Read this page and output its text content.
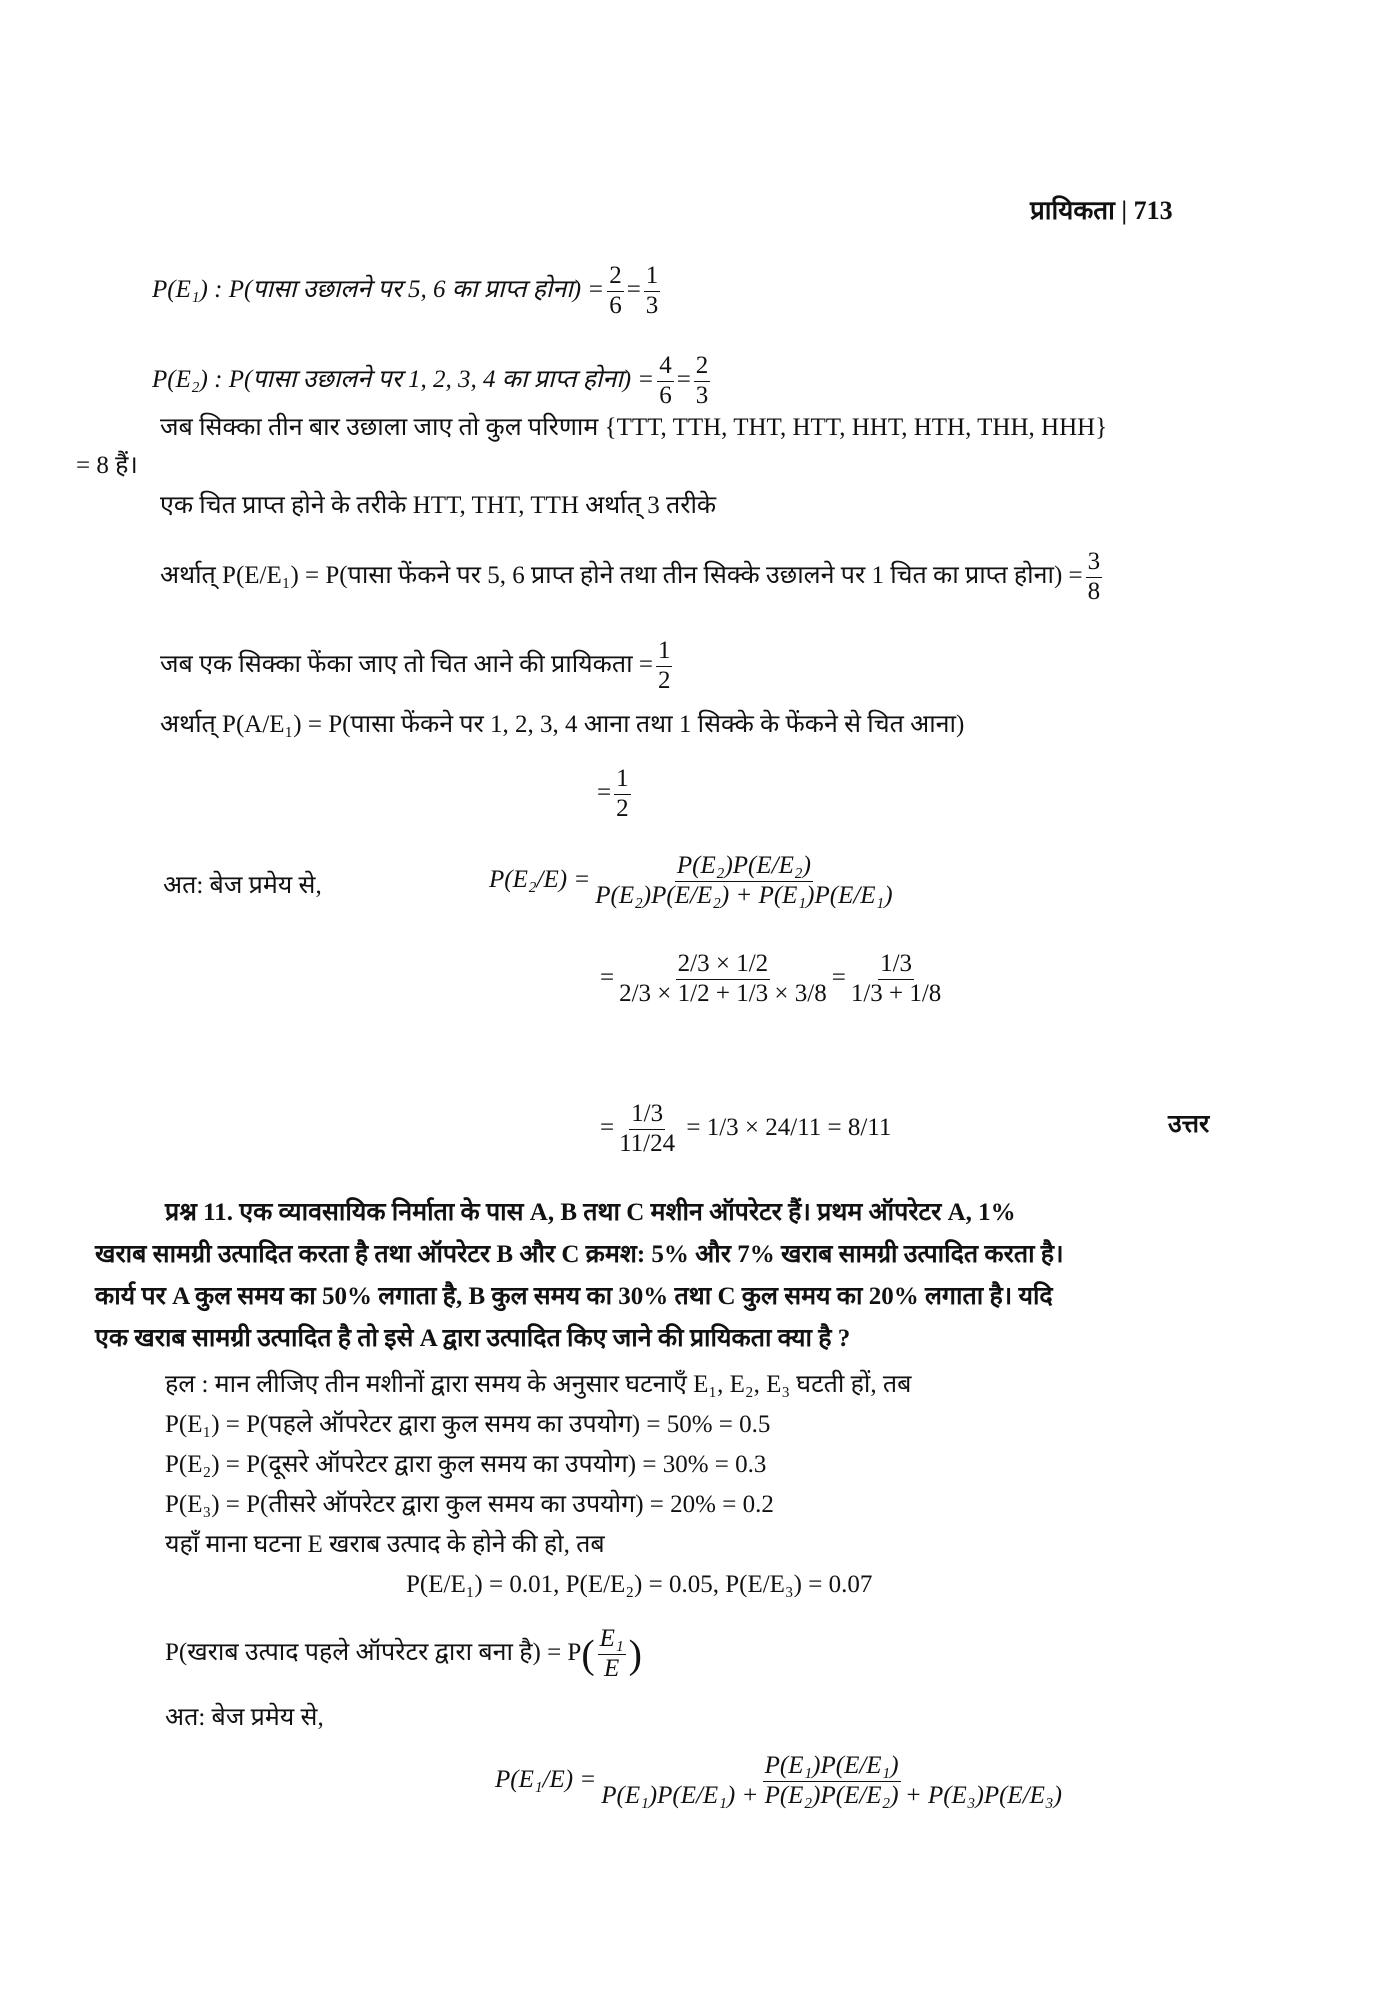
प्रायिकता | 713
P(E₁) : P(पासा उछालने पर 5, 6 का प्राप्त होना) = $\frac{2}{6} = \frac{1}{3}$
P(E₂) : P(पासा उछालने पर 1, 2, 3, 4 का प्राप्त होना) = $\frac{4}{6} = \frac{2}{3}$
जब सिक्का तीन बार उछाला जाए तो कुल परिणाम {TTT, TTH, THT, HTT, HHT, HTH, THH, HHH}
= 8 हैं।
एक चित प्राप्त होने के तरीके HTT, THT, TTH अर्थात् 3 तरीके
अर्थात् P(E/E₁) = P(पासा फेंकने पर 5, 6 प्राप्त होने तथा तीन सिक्के उछालने पर 1 चित का प्राप्त होना) = $\frac{3}{8}$
जब एक सिक्का फेंका जाए तो चित आने की प्रायिकता = $\frac{1}{2}$
अर्थात् P(A/E₁) = P(पासा फेंकने पर 1, 2, 3, 4 आना तथा 1 सिक्के के फेंकने से चित आना)
= $\frac{1}{2}$
अत: बेज प्रमेय से,	$P(E_2/E) = \frac{\text{P(E₂)P(E/E₂)}}{\text{P(E₂)P(E/E₂) + P(E₁)P(E/E₁)}}$
= $\frac{2/3 \times 1/2}{2/3 \times 1/2 + 1/3 \times 3/8} = \frac{1/3}{1/3 + 1/8}$
= $\frac{1/3}{11/24} = 1/3 \times 24/11 = 8/11$	उत्तर
प्रश्न 11. एक व्यावसायिक निर्माता के पास A, B तथा C मशीन ऑपरेटर हैं। प्रथम ऑपरेटर A, 1%
खराब सामग्री उत्पादित करता है तथा ऑपरेटर B और C क्रमश: 5% और 7% खराब सामग्री उत्पादित करता है।
कार्य पर A कुल समय का 50% लगाता है, B कुल समय का 30% तथा C कुल समय का 20% लगाता है। यदि
एक खराब सामग्री उत्पादित है तो इसे A द्वारा उत्पादित किए जाने की प्रायिकता क्या है ?
हल : मान लीजिए तीन मशीनों द्वारा समय के अनुसार घटनाएँ E₁, E₂, E₃ घटती हों, तब
P(E₁) = P(पहले ऑपरेटर द्वारा कुल समय का उपयोग) = 50% = 0.5
P(E₂) = P(दूसरे ऑपरेटर द्वारा कुल समय का उपयोग) = 30% = 0.3
P(E₃) = P(तीसरे ऑपरेटर द्वारा कुल समय का उपयोग) = 20% = 0.2
यहाँ माना घटना E खराब उत्पाद के होने की हो, तब
P(E/E₁) = 0.01, P(E/E₂) = 0.05, P(E/E₃) = 0.07
P(खराब उत्पाद पहले ऑपरेटर द्वारा बना है) = $P( \frac{\text{E₁}}{E}$ )
अत: बेज प्रमेय से,
$P(E_1/E) = \frac{\text{P(E₁)P(E/E₁)}}{\text{P(E₁)P(E/E₁) + P(E₂)P(E/E₂) + P(E₃)P(E/E₃)}}$
